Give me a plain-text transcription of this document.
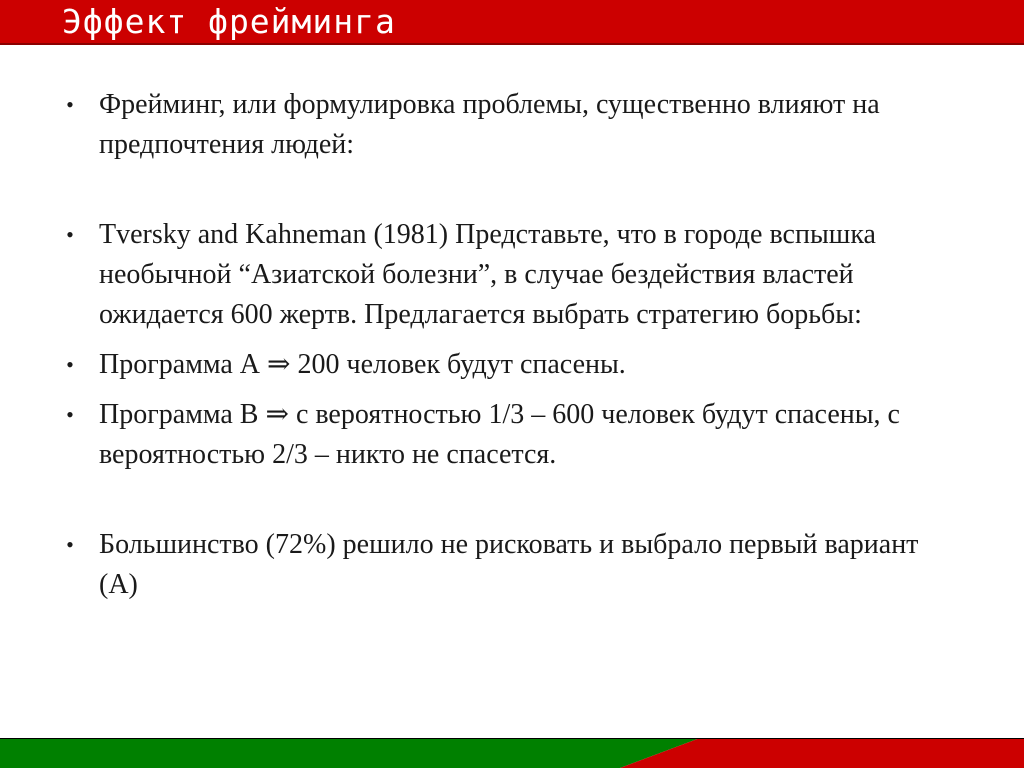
Эффект фрейминга
• Фрейминг, или формулировка проблемы, существенно влияют на предпочтения людей:
• Tversky and Kahneman (1981) Представьте, что в городе вспышка необычной “Азиатской болезни”, в случае бездействия властей ожидается 600 жертв. Предлагается выбрать стратегию борьбы:
• Программа А ⇒ 200 человек будут спасены.
• Программа B ⇒ с вероятностью 1/3 – 600 человек будут спасены, с вероятностью 2/3 – никто не спасется.
• Большинство (72%) решило не рисковать и выбрало первый вариант (А)
